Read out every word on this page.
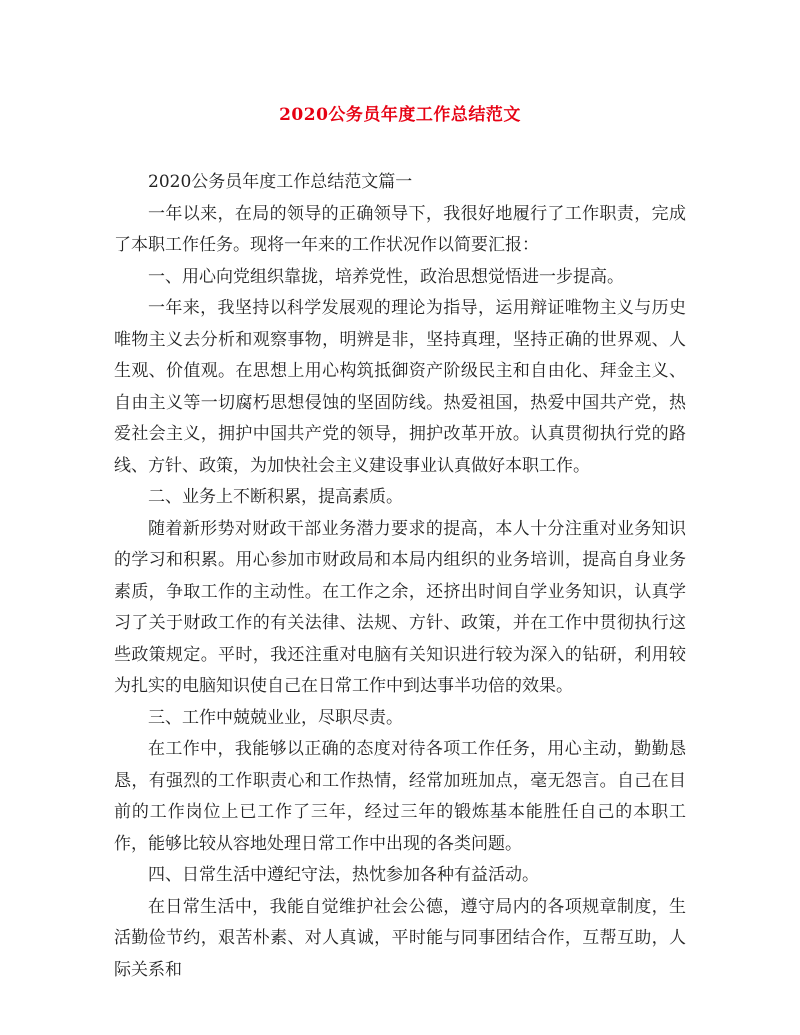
2020公务员年度工作总结范文

2020公务员年度工作总结范文篇一

一年以来，在局的领导的正确领导下，我很好地履行了工作职责，完成了本职工作任务。现将一年来的工作状况作以简要汇报：

一、用心向党组织靠拢，培养党性，政治思想觉悟进一步提高。

一年来，我坚持以科学发展观的理论为指导，运用辩证唯物主义与历史唯物主义去分析和观察事物，明辨是非，坚持真理，坚持正确的世界观、人生观、价值观。在思想上用心构筑抵御资产阶级民主和自由化、拜金主义、自由主义等一切腐朽思想侵蚀的坚固防线。热爱祖国，热爱中国共产党，热爱社会主义，拥护中国共产党的领导，拥护改革开放。认真贯彻执行党的路线、方针、政策，为加快社会主义建设事业认真做好本职工作。

二、业务上不断积累，提高素质。

随着新形势对财政干部业务潜力要求的提高，本人十分注重对业务知识的学习和积累。用心参加市财政局和本局内组织的业务培训，提高自身业务素质，争取工作的主动性。在工作之余，还挤出时间自学业务知识，认真学习了关于财政工作的有关法律、法规、方针、政策，并在工作中贯彻执行这些政策规定。平时，我还注重对电脑有关知识进行较为深入的钻研，利用较为扎实的电脑知识使自己在日常工作中到达事半功倍的效果。

三、工作中兢兢业业，尽职尽责。

在工作中，我能够以正确的态度对待各项工作任务，用心主动，勤勤恳恳，有强烈的工作职责心和工作热情，经常加班加点，毫无怨言。自己在目前的工作岗位上已工作了三年，经过三年的锻炼基本能胜任自己的本职工作，能够比较从容地处理日常工作中出现的各类问题。

四、日常生活中遵纪守法，热忱参加各种有益活动。

在日常生活中，我能自觉维护社会公德，遵守局内的各项规章制度，生活勤俭节约，艰苦朴素、对人真诚，平时能与同事团结合作，互帮互助，人际关系和
